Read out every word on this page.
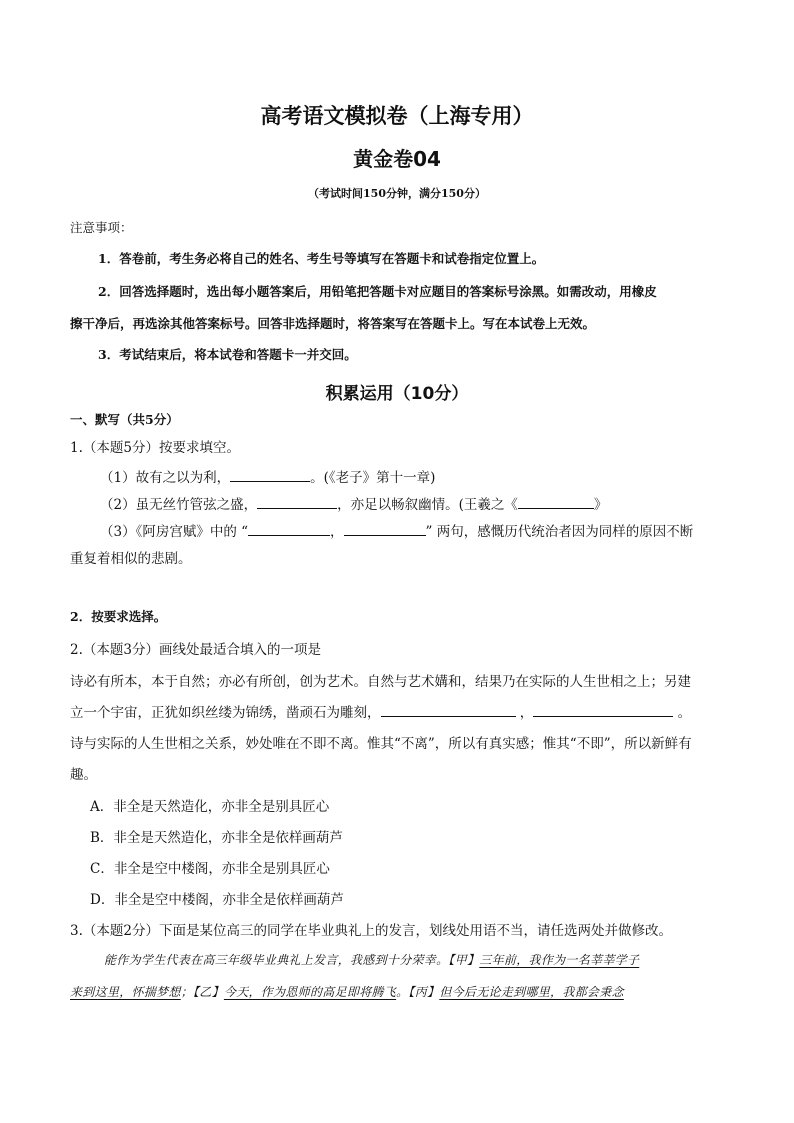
高考语文模拟卷（上海专用）
黄金卷04
（考试时间150分钟，满分150分）
注意事项：
1．答卷前，考生务必将自己的姓名、考生号等填写在答题卡和试卷指定位置上。
2．回答选择题时，选出每小题答案后，用铅笔把答题卡对应题目的答案标号涂黑。如需改动，用橡皮
擦干净后，再选涂其他答案标号。回答非选择题时，将答案写在答题卡上。写在本试卷上无效。
3．考试结束后，将本试卷和答题卡一并交回。
积累运用（10分）
一、默写（共5分）
1.（本题5分）按要求填空。
（1）故有之以为利，	。(《老子》第十一章)
（2）虽无丝竹管弦之盛，	，亦足以畅叙幽情。(王羲之《	》
（3）《阿房宫赋》中的 “	，	” 两句，感慨历代统治者因为同样的原因不断
重复着相似的悲剧。
2．按要求选择。
2.（本题3分）画线处最适合填入的一项是
诗必有所本，本于自然；亦必有所创，创为艺术。自然与艺术媾和，结果乃在实际的人生世相之上；另建
立一个宇宙，正犹如织丝缕为锦绣，凿顽石为雕刻，	，	。
诗与实际的人生世相之关系，妙处唯在不即不离。惟其“不离”，所以有真实感；惟其“不即”，所以新鲜有
趣。
A．非全是天然造化，亦非全是别具匠心
B．非全是天然造化，亦非全是依样画葫芦
C．非全是空中楼阁，亦非全是别具匠心
D．非全是空中楼阁，亦非全是依样画葫芦
3.（本题2分）下面是某位高三的同学在毕业典礼上的发言，划线处用语不当，请任选两处并做修改。
能作为学生代表在高三年级毕业典礼上发言，我感到十分荣幸。【甲】三年前，我作为一名莘莘学子
来到这里，怀揣梦想；【乙】今天，作为恩师的高足即将腾飞。【丙】但今后无论走到哪里，我都会秉念
